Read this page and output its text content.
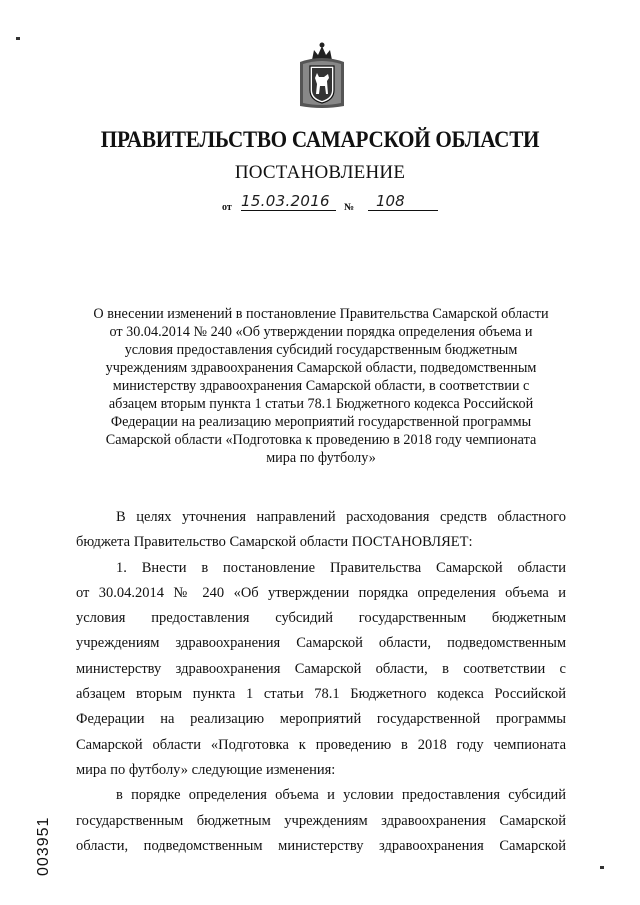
ПРАВИТЕЛЬСТВО САМАРСКОЙ ОБЛАСТИ
ПОСТАНОВЛЕНИЕ
от 15.03.2016	№	108
О внесении изменений в постановление Правительства Самарской области
от 30.04.2014 № 240 «Об утверждении порядка определения объема и
условия предоставления субсидий государственным бюджетным
учреждениям здравоохранения Самарской области, подведомственным
министерству здравоохранения Самарской области, в соответствии с
абзацем вторым пункта 1 статьи 78.1 Бюджетного кодекса Российской
Федерации на реализацию мероприятий государственной программы
Самарской области «Подготовка к проведению в 2018 году чемпионата
мира по футболу»
В целях уточнения направлений расходования средств областного
бюджета Правительство Самарской области ПОСТАНОВЛЯЕТ:
1. Внести в постановление Правительства Самарской области
от 30.04.2014 № 240 «Об утверждении порядка определения объема и
условия предоставления субсидий государственным бюджетным
учреждениям здравоохранения Самарской области, подведомственным
министерству здравоохранения Самарской области, в соответствии с
абзацем вторым пункта 1 статьи 78.1 Бюджетного кодекса Российской
Федерации на реализацию мероприятий государственной программы
Самарской области «Подготовка к проведению в 2018 году чемпионата
мира по футболу» следующие изменения:
в порядке определения объема и условии предоставления субсидий
государственным бюджетным учреждениям здравоохранения Самарской
области, подведомственным министерству здравоохранения Самарской
003951
